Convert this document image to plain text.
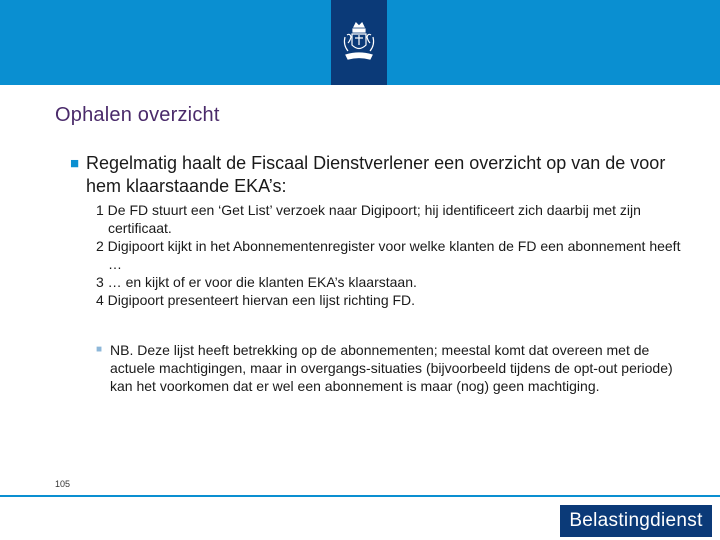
Ophalen overzicht
■ Regelmatig haalt de Fiscaal Dienstverlener een overzicht op van de voor hem klaarstaande EKA’s:
1 De FD stuurt een ‘Get List’ verzoek naar Digipoort; hij identificeert zich daarbij met zijn certificaat.
2 Digipoort kijkt in het Abonnementenregister voor welke klanten de FD een abonnement heeft …
3 … en kijkt of er voor die klanten EKA’s klaarstaan.
4 Digipoort presenteert hiervan een lijst richting FD.
■ NB. Deze lijst heeft betrekking op de abonnementen; meestal komt dat overeen met de actuele machtigingen, maar in overgangs-situaties (bijvoorbeeld tijdens de opt-out periode) kan het voorkomen dat er wel een abonnement is maar (nog) geen machtiging.
105
Belastingdienst
